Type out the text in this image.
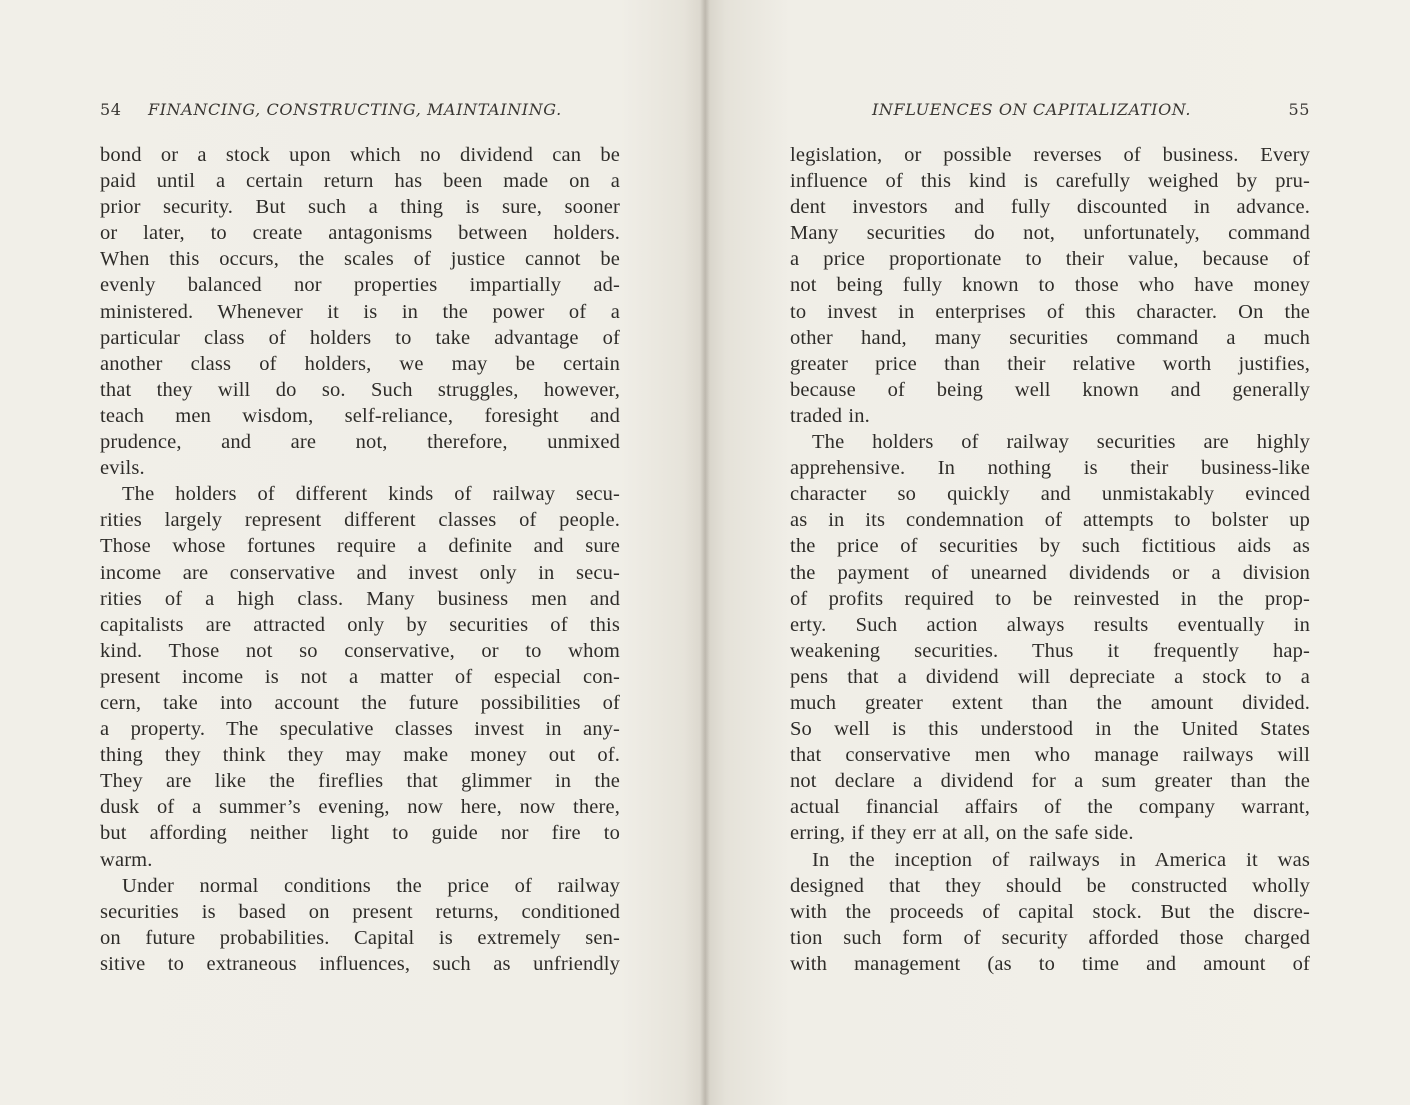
54 FINANCING, CONSTRUCTING, MAINTAINING.
bond or a stock upon which no dividend can be
paid until a certain return has been made on a
prior security. But such a thing is sure, sooner
or later, to create antagonisms between holders.
When this occurs, the scales of justice cannot be
evenly balanced nor properties impartially ad-
ministered. Whenever it is in the power of a
particular class of holders to take advantage of
another class of holders, we may be certain
that they will do so. Such struggles, however,
teach men wisdom, self-reliance, foresight and
prudence, and are not, therefore, unmixed
evils.
The holders of different kinds of railway secu-
rities largely represent different classes of people.
Those whose fortunes require a definite and sure
income are conservative and invest only in secu-
rities of a high class. Many business men and
capitalists are attracted only by securities of this
kind. Those not so conservative, or to whom
present income is not a matter of especial con-
cern, take into account the future possibilities of
a property. The speculative classes invest in any-
thing they think they may make money out of.
They are like the fireflies that glimmer in the
dusk of a summer’s evening, now here, now there,
but affording neither light to guide nor fire to
warm.
Under normal conditions the price of railway
securities is based on present returns, conditioned
on future probabilities. Capital is extremely sen-
sitive to extraneous influences, such as unfriendly
INFLUENCES ON CAPITALIZATION.	55
legislation, or possible reverses of business. Every
influence of this kind is carefully weighed by pru-
dent investors and fully discounted in advance.
Many securities do not, unfortunately, command
a price proportionate to their value, because of
not being fully known to those who have money
to invest in enterprises of this character. On the
other hand, many securities command a much
greater price than their relative worth justifies,
because of being well known and generally
traded in.
The holders of railway securities are highly
apprehensive. In nothing is their business-like
character so quickly and unmistakably evinced
as in its condemnation of attempts to bolster up
the price of securities by such fictitious aids as
the payment of unearned dividends or a division
of profits required to be reinvested in the prop-
erty. Such action always results eventually in
weakening securities. Thus it frequently hap-
pens that a dividend will depreciate a stock to a
much greater extent than the amount divided.
So well is this understood in the United States
that conservative men who manage railways will
not declare a dividend for a sum greater than the
actual financial affairs of the company warrant,
erring, if they err at all, on the safe side.
In the inception of railways in America it was
designed that they should be constructed wholly
with the proceeds of capital stock. But the discre-
tion such form of security afforded those charged
with management (as to time and amount of
